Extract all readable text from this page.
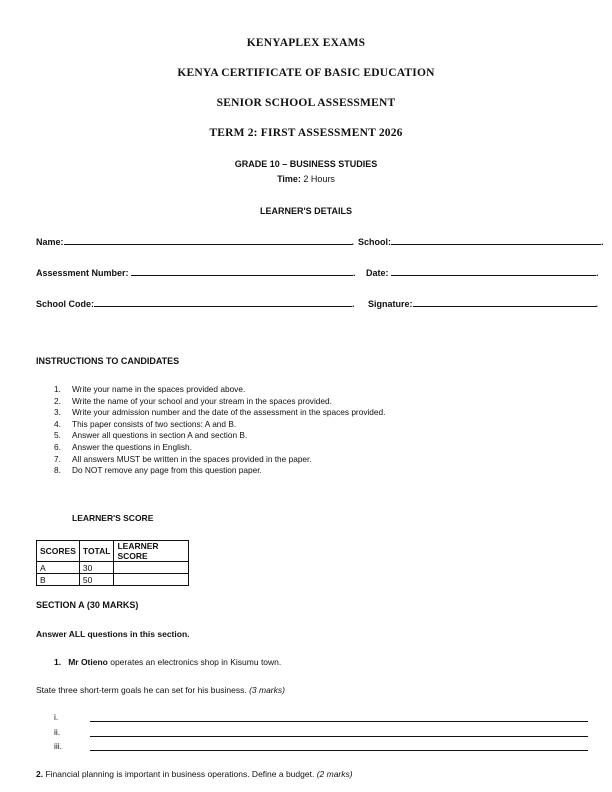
KENYAPLEX EXAMS
KENYA CERTIFICATE OF BASIC EDUCATION
SENIOR SCHOOL ASSESSMENT
TERM 2: FIRST ASSESSMENT 2026
GRADE 10 – BUSINESS STUDIES
Time: 2 Hours
LEARNER'S DETAILS
Name:	. School:	.
Assessment Number:	. Date:	.
School Code:	. Signature:	.
INSTRUCTIONS TO CANDIDATES
1.	Write your name in the spaces provided above.
2.	Write the name of your school and your stream in the spaces provided.
3.	Write your admission number and the date of the assessment in the spaces provided.
4.	This paper consists of two sections: A and B.
5.	Answer all questions in section A and section B.
6.	Answer the questions in English.
7.	All answers MUST be written in the spaces provided in the paper.
8.	Do NOT remove any page from this question paper.
LEARNER'S SCORE
SCORES	TOTAL	LEARNER SCORE
A	30	
B	50	
SECTION A (30 MARKS)
Answer ALL questions in this section.
1. Mr Otieno operates an electronics shop in Kisumu town.
State three short-term goals he can set for his business. (3 marks)
i.
ii.
iii.
2. Financial planning is important in business operations. Define a budget. (2 marks)
